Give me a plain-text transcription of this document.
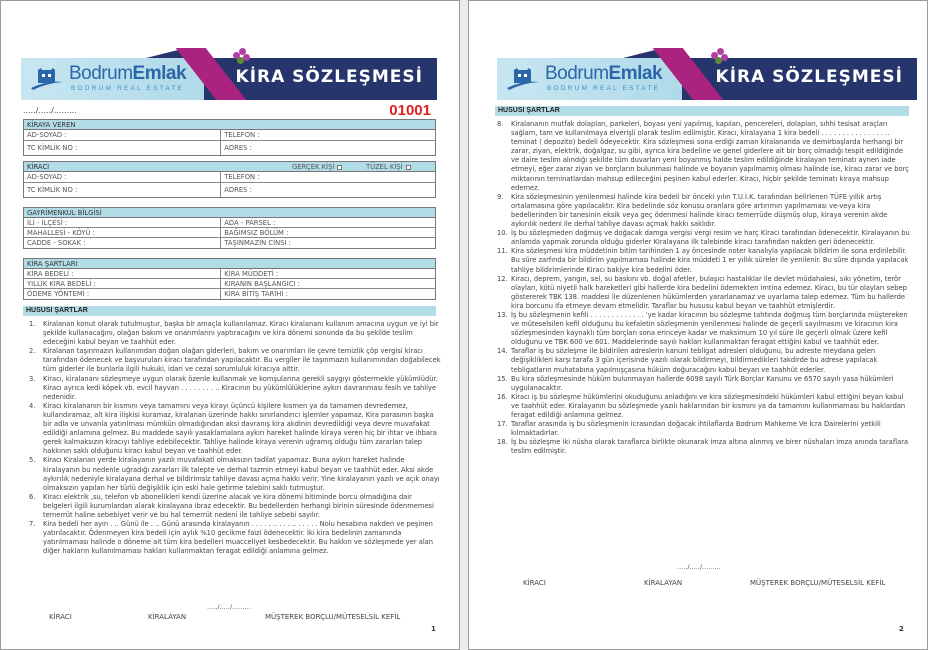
BodrumEmlak
BODRUM REAL ESTATE
KİRA SÖZLEŞMESİ
...../...../.........	01001
KİRAYA VEREN
AD-SOYAD :	TELEFON :
TC KİMLİK NO :	ADRES :
KİRACI	GERÇEK KİŞİ	TÜZEL KİŞİ
AD-SOYAD :	TELEFON :
TC KİMLİK NO :	ADRES :
GAYRİMENKUL BİLGİSİ
İLİ - İLÇESİ :	ADA - PARSEL :
MAHALLESİ - KÖYÜ :	BAĞIMSIZ BÖLÜM :
CADDE - SOKAK :	TAŞINMAZIN CİNSİ :
KİRA ŞARTLARI
KİRA BEDELİ :	KİRA MÜDDETİ :
YILLIK KİRA BEDELİ :	KİRANIN BAŞLANGICI :
ÖDEME YÖNTEMİ :	KİRA BİTİŞ TARİHİ :
HUSUSI ŞARTLAR
1. Kiralanan konut olarak tutulmuştur, başka bir amaçla kullanılamaz. Kiracı kiralananı kullanım amacına uygun ve iyi bir şekilde kullanacağını, olağan bakım ve onarımlarını yaptıracağını ve kira dönemi sonunda da bu şekilde teslim edeceğini kabul beyan ve taahhüt eder.
2. Kiralanan taşınmazın kullanımdan doğan olağan giderleri, bakım ve onarımları ile çevre temizlik çöp vergisi kiracı tarafından ödenecek ve başvuruları kiracı tarafından yapılacaktır. Bu vergiler ile taşınmazın kullanımından doğabilecek tüm giderler ile bunlarla ilgili hukuki, idari ve cezai sorumluluk kiracıya aittir.
3. Kiracı, kiralananı sözleşmeye uygun olarak özenle kullanmak ve komşularına gerekli saygıyı göstermekle yükümlüdür. Kiracı ayrıca kedi köpek vb. evcil hayvan . . . . . . . . .. Kiracının bu yükümlülüklerine aykırı davranması fesih ve tahliye nedenidir.
4. Kiracı kiralananın bir kısmını veya tamamını veya kirayı üçüncü kişilere kısmen ya da tamamen devredemez, kullandıramaz, alt kira ilişkisi kuramaz, kiralanan üzerinde hakkı sınırlandırıcı işlemler yapamaz. Kira parasının başka bir adla ve unvanla yatırılması mümkün olmadığından aksi davranış kira akdinin devredildiği veya devre muvafakat edildiği anlamına gelmez. Bu maddede sayılı yasaklamalara aykırı hareket halinde kiraya veren hiç bir ihtar ve ihbara gerek kalmaksızın kiracıyı tahliye edebilecektir. Tahliye halinde kiraya verenin uğramış olduğu tüm zararları talep hakkının saklı olduğunu kiracı kabul beyan ve taahhüt eder.
5. Kiracı Kiralanan yerde kiralayanın yazılı muvafakati olmaksızın tadilat yapamaz. Buna aykırı hareket halinde kiralayanın bu nedenle uğradığı zararları ilk talepte ve derhal tazmin etmeyi kabul beyan ve taahhüt eder. Aksi akde aykırılık nedeniyle kiralayana derhal ve bildirimsiz tahliye davası açma hakkı verir. Yine kiralayanın yazılı ve açık onayı olmaksızın yapılan her türlü değişiklik için eski hale getirme talebini saklı tutmuştur.
6. Kiracı elektrik ,su, telefon vb abonelikleri kendi üzerine alacak ve kira dönemi bitiminde borcu olmadığına dair belgeleri ilgili kurumlardan alarak kiralayana ibraz edecektir. Bu bedellerden herhangi birinin süresinde ödenmemesi temerrüt haline sebebiyet verir ve bu hal temerrüt nedeni ile tahliye sebebi sayılır.
7. Kira bedeli her ayın . .. Günü ile . .. Günü arasında kiralayanın . . . . . .. . . . .. . . . . . Nolu hesabına nakden ve peşinen yatırılacaktır. Ödenmeyen kira bedeli için aylık %10 gecikme faizi ödenecektir. İki kira bedelinin zamanında yatırılmaması halinde o döneme ait tüm kira bedelleri muacceliyet kesbedecektir. Bu hakkın ve sözleşmede yer alan diğer hakların kullanılmaması hakları kullanmaktan feragat edildiği anlamına gelmez.
...../...../.........
KİRACI	KİRALAYAN	MÜŞTEREK BORÇLU/MÜTESELSİL KEFİL
1
BodrumEmlak
BODRUM REAL ESTATE
KİRA SÖZLEŞMESİ
HUSUSI ŞARTLAR
8. Kiralananın mutfak dolapları, parkeleri, boyası yeni yapılmış, kapıları, pencereleri, dolapları, sıhhi tesisat araçları sağlam, tam ve kullanılmaya elverişli olarak teslim edilmiştir. Kiracı, kiralayana 1 kira bedeli . . . . . . . . . . . . . . . .. teminat ( depozito) bedeli ödeyecektir. Kira sözleşmesi sona erdiği zaman kiralananda ve demirbaşlarda herhangi bir zarar, ziyan, elektrik, doğalgaz, su gibi, ayrıca kira bedeline ve genel giderlere ait bir borç olmadığı tespit edildiğinde ve daire teslim alındığı şekilde tüm duvarları yeni boyanmış halde teslim edildiğinde kiralayan teminatı aynen iade etmeyi, eğer zarar ziyan ve borçların bulunması halinde ve boyanın yapılmamış olması halinde ise, kiracı zarar ve borç miktarının teminatlardan mahsup edileceğini peşinen kabul ederler. Kiracı, hiçbir şekilde teminatı kiraya mahsup edemez.
9. Kira sözleşmesinin yenilenmesi halinde kira bedeli bir önceki yılın T.U.İ.K. tarafından belirlenen TÜFE yıllık artış ortalamasına göre yapılacaktır. Kira bedelinde söz konusu oranlara göre artırımın yapılmaması ve-veya kira bedellerinden bir tanesinin eksik veya geç ödenmesi halinde kiracı temerrüde düşmüş olup, kiraya verenin akde aykırılık nedeni ile derhal tahliye davası açmak hakkı saklıdır.
10. İş bu sözleşmeden doğmuş ve doğacak damga vergisi vergi resim ve harç Kiracı tarafından ödenecektir. Kiralayanın bu anlamda yapmak zorunda olduğu giderler Kiralayana ilk talebinde kiracı tarafından nakden geri ödenecektir.
11. Kira sözleşmesi kira müddetinin bitim tarihinden 1 ay öncesinde noter kanalıyla yapılacak bildirim ile sona erdirilebilir. Bu süre zarfında bir bildirim yapılmaması halinde kira müddeti 1 er yıllık süreler ile yenilenir. Bu süre dışında yapılacak tahliye bildirimlerinde Kiracı bakiye kira bedelini öder.
12. Kiracı, deprem, yangın, sel, su baskını vb. doğal afetler, bulaşıcı hastalıklar ile devlet müdahalesi, sıkı yönetim, terör olayları, kötü niyetli halk hareketleri gibi hallerde kira bedelini ödemekten imtina edemez. Kiracı, bu tür olayları sebep göstererek TBK 138. maddesi ile düzenlenen hükümlerden yararlanamaz ve uyarlama talep edemez. Tüm bu hallerde kira borcunu ifa etmeye devam etmelidir. Taraflar bu hususu kabul beyan ve taahhüt etmişlerdir.
13. İş bu sözleşmenin kefili . . . . . . . . . . . . . 'ye kadar kiracının bu sözleşme tahtında doğmuş tüm borçlarında müştereken ve müteselsilen kefil olduğunu bu kefaletin sözleşmenin yenilenmesi halinde de geçerli sayılmasını ve kiracının kira sözleşmesinden kaynaklı tüm borçları sona erinceye kadar ve maksimum 10 yıl süre ile geçerli olmak üzere kefil olduğunu ve TBK 600 ve 601. Maddelerinde sayılı hakları kullanmaktan feragat ettiğini kabul ve taahhüt eder.
14. Taraflar iş bu sözleşme ile bildirilen adreslerin kanuni tebligat adresleri olduğunu, bu adreste meydana gelen değişiklikleri karşı tarafa 3 gün içerisinde yazılı olarak bildirmeyi, bildirmedikleri takdirde bu adrese yapılacak tebligatların muhatabına yapılmışçasına hüküm doğuracağını kabul beyan ve taahhüt ederler.
15. Bu kira sözleşmesinde hüküm bulunmayan hallerde 6098 sayılı Türk Borçlar Kanunu ve 6570 sayılı yasa hükümleri uygulanacaktır.
16. Kiracı iş bu sözleşme hükümlerini okuduğunu anladığını ve kira sözleşmesindeki hükümleri kabul ettiğini beyan kabul ve taahhüt eder. Kiralayanın bu sözleşmede yazılı haklarından bir kısmını ya da tamamını kullanmaması bu haklardan feragat edildiği anlamına gelmez.
17. Taraflar arasında iş bu sözleşmenin icrasından doğacak ihtilaflarda Bodrum Mahkeme Ve İcra Dairelerini yetkili kılmaktadırlar.
18. İş bu sözleşme iki nüsha olarak taraflarca birlikte okunarak imza altına alınmış ve birer nüshaları imza anında taraflara teslim edilmiştir.
...../...../.........
KİRACI	KİRALAYAN	MÜŞTEREK BORÇLU/MÜTESELSİL KEFİL
2
